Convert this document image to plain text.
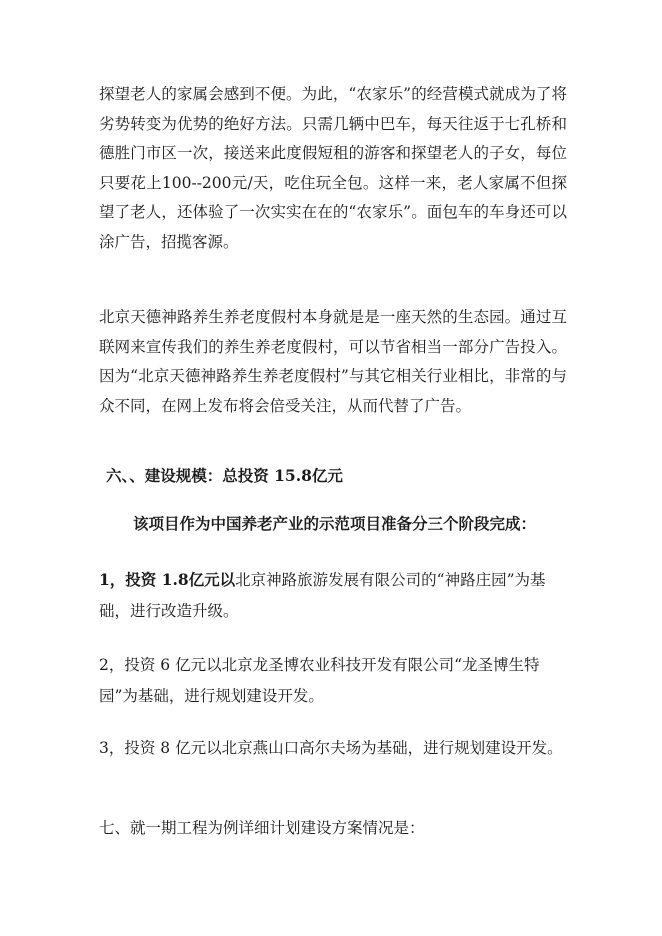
探望老人的家属会感到不便。为此，“农家乐”的经营模式就成为了将劣势转变为优势的绝好方法。只需几辆中巴车，每天往返于七孔桥和德胜门市区一次，接送来此度假短租的游客和探望老人的子女，每位只要花上100--200元/天，吃住玩全包。这样一来，老人家属不但探望了老人，还体验了一次实实在在的“农家乐”。面包车的车身还可以涂广告，招揽客源。

北京天德神路养生养老度假村本身就是是一座天然的生态园。通过互联网来宣传我们的养生养老度假村，可以节省相当一部分广告投入。因为“北京天德神路养生养老度假村”与其它相关行业相比，非常的与众不同，在网上发布将会倍受关注，从而代替了广告。

六、、建设规模：总投资 15.8亿元

该项目作为中国养老产业的示范项目准备分三个阶段完成：

1，投资 1.8亿元以北京神路旅游发展有限公司的“神路庄园”为基础，进行改造升级。

2，投资 6 亿元以北京龙圣博农业科技开发有限公司“龙圣博生特园”为基础，进行规划建设开发。

3，投资 8 亿元以北京燕山口高尔夫场为基础，进行规划建设开发。

七、就一期工程为例详细计划建设方案情况是：
